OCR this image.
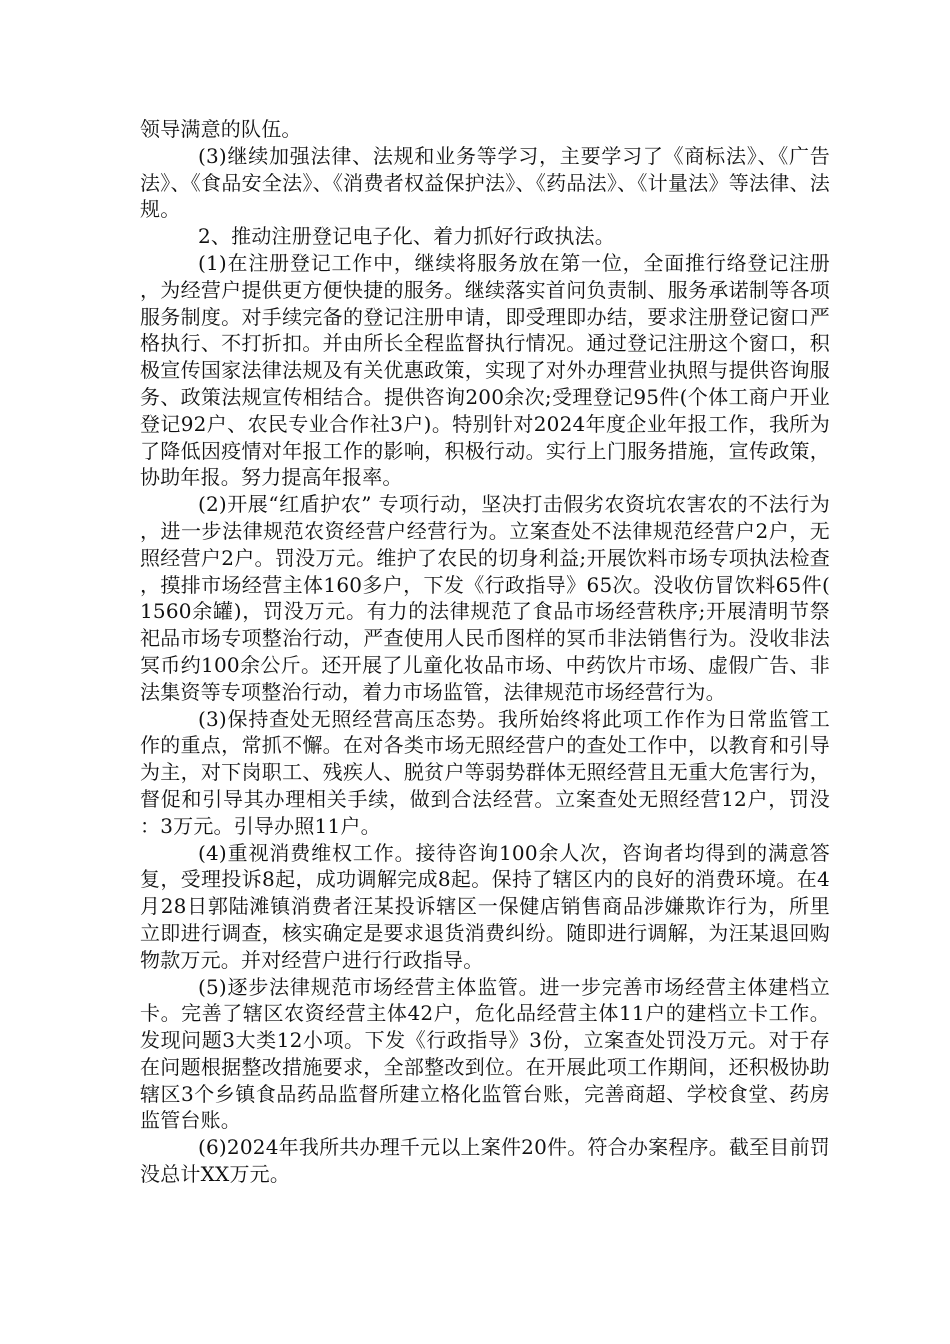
领导满意的队伍。

(3)继续加强法律、法规和业务等学习，主要学习了《商标法》、《广告法》、《食品安全法》、《消费者权益保护法》、《药品法》、《计量法》等法律、法规。

2、推动注册登记电子化、着力抓好行政执法。

(1)在注册登记工作中，继续将服务放在第一位，全面推行络登记注册，为经营户提供更方便快捷的服务。继续落实首问负责制、服务承诺制等各项服务制度。对手续完备的登记注册申请，即受理即办结，要求注册登记窗口严格执行、不打折扣。并由所长全程监督执行情况。通过登记注册这个窗口，积极宣传国家法律法规及有关优惠政策，实现了对外办理营业执照与提供咨询服务、政策法规宣传相结合。提供咨询200余次;受理登记95件(个体工商户开业登记92户、农民专业合作社3户)。特别针对2024年度企业年报工作，我所为了降低因疫情对年报工作的影响，积极行动。实行上门服务措施，宣传政策，协助年报。努力提高年报率。

(2)开展“红盾护农” 专项行动，坚决打击假劣农资坑农害农的不法行为，进一步法律规范农资经营户经营行为。立案查处不法律规范经营户2户，无照经营户2户。罚没万元。维护了农民的切身利益;开展饮料市场专项执法检查，摸排市场经营主体160多户，下发《行政指导》65次。没收仿冒饮料65件(1560余罐)，罚没万元。有力的法律规范了食品市场经营秩序;开展清明节祭祀品市场专项整治行动，严查使用人民币图样的冥币非法销售行为。没收非法冥币约100余公斤。还开展了儿童化妆品市场、中药饮片市场、虚假广告、非法集资等专项整治行动，着力市场监管，法律规范市场经营行为。

(3)保持查处无照经营高压态势。我所始终将此项工作作为日常监管工作的重点，常抓不懈。在对各类市场无照经营户的查处工作中，以教育和引导为主，对下岗职工、残疾人、脱贫户等弱势群体无照经营且无重大危害行为，督促和引导其办理相关手续，做到合法经营。立案查处无照经营12户，罚没：3万元。引导办照11户。

(4)重视消费维权工作。接待咨询100余人次，咨询者均得到的满意答复，受理投诉8起，成功调解完成8起。保持了辖区内的良好的消费环境。在4月28日郭陆滩镇消费者汪某投诉辖区一保健店销售商品涉嫌欺诈行为，所里立即进行调查，核实确定是要求退货消费纠纷。随即进行调解，为汪某退回购物款万元。并对经营户进行行政指导。

(5)逐步法律规范市场经营主体监管。进一步完善市场经营主体建档立卡。完善了辖区农资经营主体42户，危化品经营主体11户的建档立卡工作。发现问题3大类12小项。下发《行政指导》3份，立案查处罚没万元。对于存在问题根据整改措施要求，全部整改到位。在开展此项工作期间，还积极协助辖区3个乡镇食品药品监督所建立格化监管台账，完善商超、学校食堂、药房监管台账。

(6)2024年我所共办理千元以上案件20件。符合办案程序。截至目前罚没总计XX万元。
